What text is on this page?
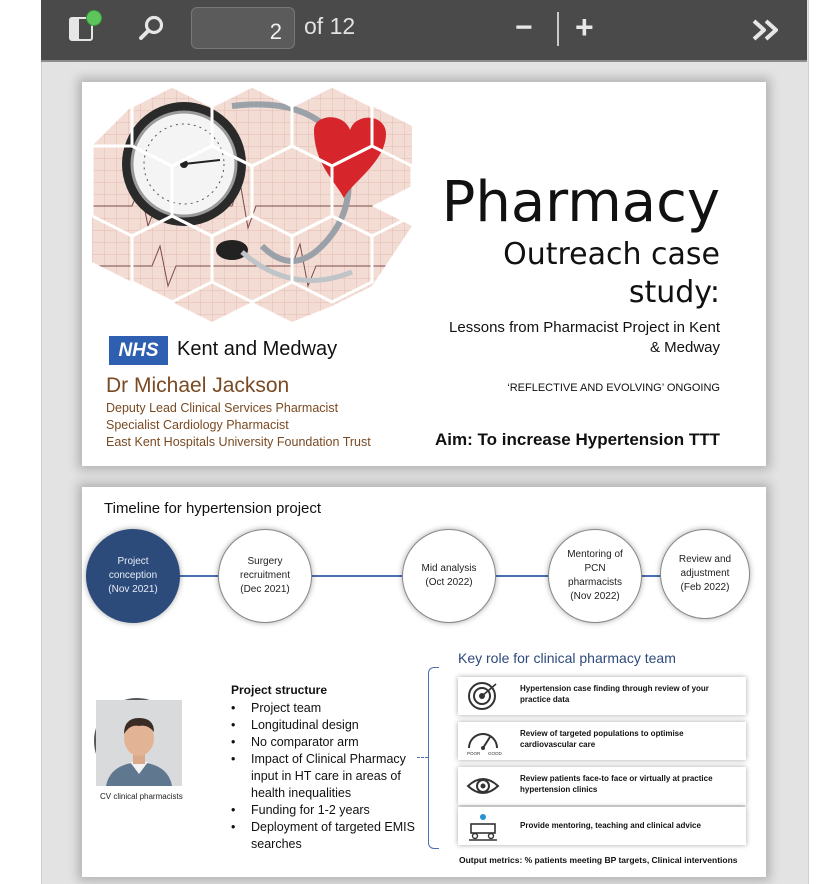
2
of 12	− +
Pharmacy
Outreach case study:
Lessons from Pharmacist Project in Kent & Medway
‘REFLECTIVE AND EVOLVING’ ONGOING
Aim: To increase Hypertension TTT
NHS Kent and Medway
Dr Michael Jackson
Deputy Lead Clinical Services Pharmacist
Specialist Cardiology Pharmacist
East Kent Hospitals University Foundation Trust
Timeline for hypertension project
Project
conception
(Nov 2021)
Surgery
recruitment
(Dec 2021)
Mid analysis
(Oct 2022)
Mentoring of
PCN pharmacists
(Nov 2022)
Review and
adjustment
(Feb 2022)
CV clinical pharmacists
Project structure
• Project team
• Longitudinal design
• No comparator arm
• Impact of Clinical Pharmacy input in HT care in areas of health inequalities
• Funding for 1-2 years
• Deployment of targeted EMIS searches
Key role for clinical pharmacy team
Hypertension case finding through review of your practice data
POOR GOOD
Review of targeted populations to optimise cardiovascular care
Review patients face-to face or virtually at practice hypertension clinics
Provide mentoring, teaching and clinical advice
Output metrics: % patients meeting BP targets, Clinical interventions
